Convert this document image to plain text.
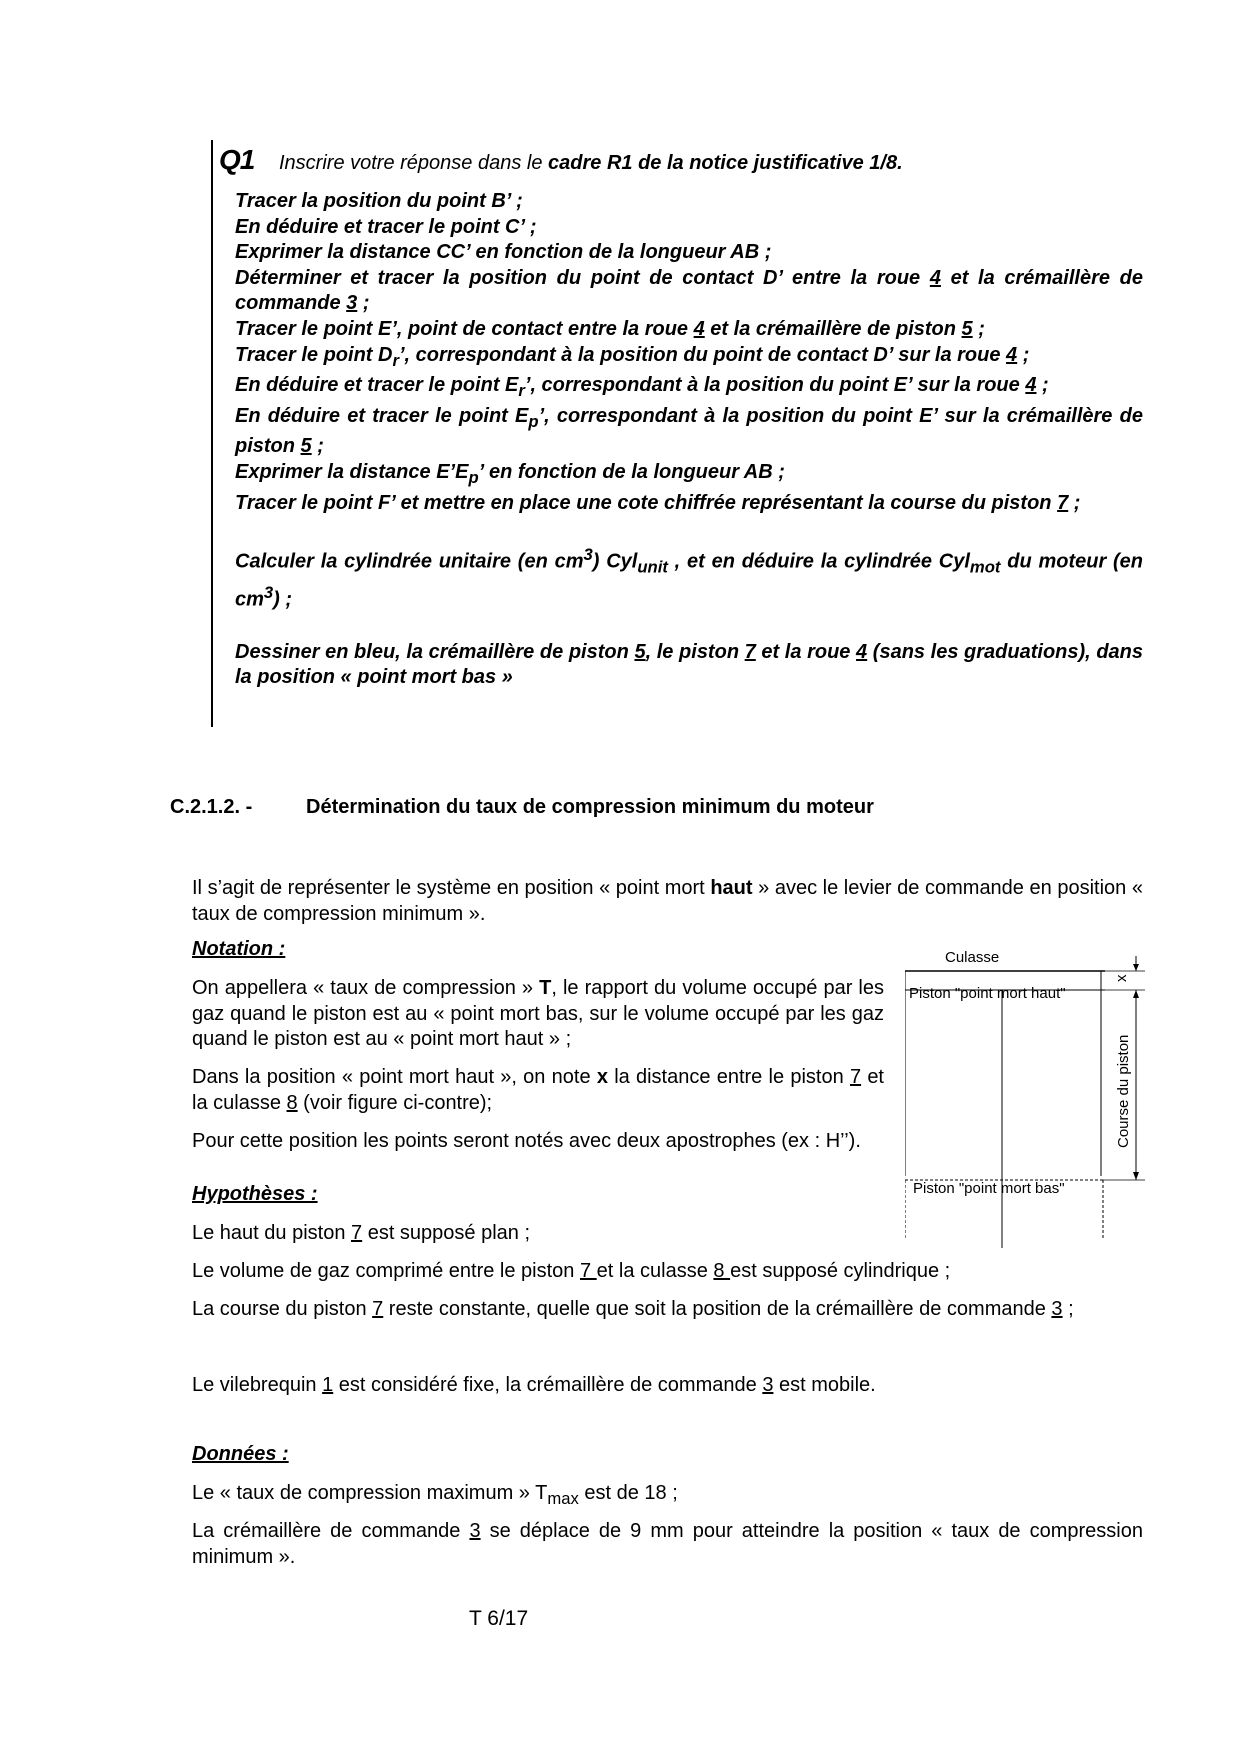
Q1 Inscrire votre réponse dans le cadre R1 de la notice justificative 1/8.

Tracer la position du point B’ ;

En déduire et tracer le point C’ ;

Exprimer la distance CC’ en fonction de la longueur AB ;

Déterminer et tracer la position du point de contact D’ entre la roue 4 et la crémaillère de commande 3 ;

Tracer le point E’, point de contact entre la roue 4 et la crémaillère de piston 5 ;

Tracer le point $D_r$’, correspondant à la position du point de contact D’ sur la roue 4 ;

En déduire et tracer le point $E_r$’, correspondant à la position du point E’ sur la roue 4 ;

En déduire et tracer le point $E_p$’, correspondant à la position du point E’ sur la crémaillère de piston 5 ;

Exprimer la distance $E’E_p$’ en fonction de la longueur AB ;

Tracer le point F’ et mettre en place une cote chiffrée représentant la course du piston 7 ;

Calculer la cylindrée unitaire (en $cm^3$) Cyl$_{unit}$ , et en déduire la cylindrée Cyl$_{mot}$ du moteur (en $cm^3$) ;

Dessiner en bleu, la crémaillère de piston 5, le piston 7 et la roue 4 (sans les graduations), dans la position « point mort bas »

C.2.1.2. -	Détermination du taux de compression minimum du moteur
Il s’agit de représenter le système en position « point mort haut » avec le levier de commande en position « taux de compression minimum ».
Notation :
On appellera « taux de compression » T, le rapport du volume occupé par les gaz quand le piston est au « point mort bas, sur le volume occupé par les gaz quand le piston est au « point mort haut » ;
Dans la position « point mort haut », on note x la distance entre le piston 7 et la culasse 8 (voir figure ci-contre);
Pour cette position les points seront notés avec deux apostrophes (ex : H’’).
Culasse
x
Piston "point mort haut"
Course du piston
Piston "point mort bas"
Hypothèses :
Le haut du piston 7 est supposé plan ;
Le volume de gaz comprimé entre le piston 7 et la culasse 8 est supposé cylindrique ;
La course du piston 7 reste constante, quelle que soit la position de la crémaillère de commande 3 ;
Le vilebrequin 1 est considéré fixe, la crémaillère de commande 3 est mobile.
Données :
Le « taux de compression maximum » $T_{max}$ est de 18 ;
La crémaillère de commande 3 se déplace de 9 mm pour atteindre la position « taux de compression minimum ».
T 6/17
